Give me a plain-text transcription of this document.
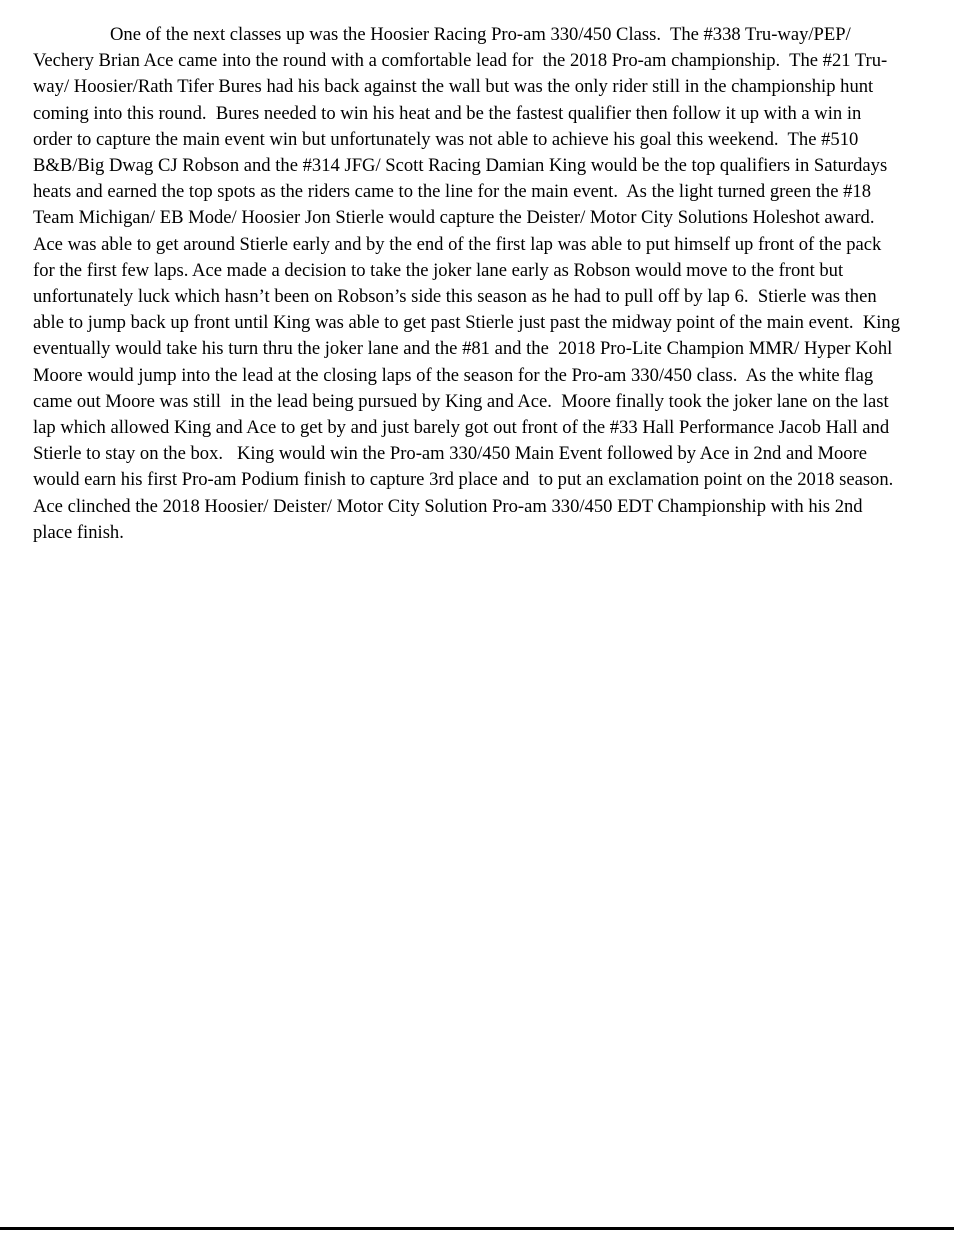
One of the next classes up was the Hoosier Racing Pro-am 330/450 Class.  The #338 Tru-way/PEP/
Vechery Brian Ace came into the round with a comfortable lead for  the 2018 Pro-am championship.  The #21 Tru-
way/ Hoosier/Rath Tifer Bures had his back against the wall but was the only rider still in the championship hunt
coming into this round.  Bures needed to win his heat and be the fastest qualifier then follow it up with a win in
order to capture the main event win but unfortunately was not able to achieve his goal this weekend.  The #510
B&B/Big Dwag CJ Robson and the #314 JFG/ Scott Racing Damian King would be the top qualifiers in Saturdays
heats and earned the top spots as the riders came to the line for the main event.  As the light turned green the #18
Team Michigan/ EB Mode/ Hoosier Jon Stierle would capture the Deister/ Motor City Solutions Holeshot award.
Ace was able to get around Stierle early and by the end of the first lap was able to put himself up front of the pack
for the first few laps. Ace made a decision to take the joker lane early as Robson would move to the front but
unfortunately luck which hasn’t been on Robson’s side this season as he had to pull off by lap 6.  Stierle was then
able to jump back up front until King was able to get past Stierle just past the midway point of the main event.  King
eventually would take his turn thru the joker lane and the #81 and the  2018 Pro-Lite Champion MMR/ Hyper Kohl
Moore would jump into the lead at the closing laps of the season for the Pro-am 330/450 class.  As the white flag
came out Moore was still  in the lead being pursued by King and Ace.  Moore finally took the joker lane on the last
lap which allowed King and Ace to get by and just barely got out front of the #33 Hall Performance Jacob Hall and
Stierle to stay on the box.   King would win the Pro-am 330/450 Main Event followed by Ace in 2nd and Moore
would earn his first Pro-am Podium finish to capture 3rd place and  to put an exclamation point on the 2018 season.
Ace clinched the 2018 Hoosier/ Deister/ Motor City Solution Pro-am 330/450 EDT Championship with his 2nd
place finish.
